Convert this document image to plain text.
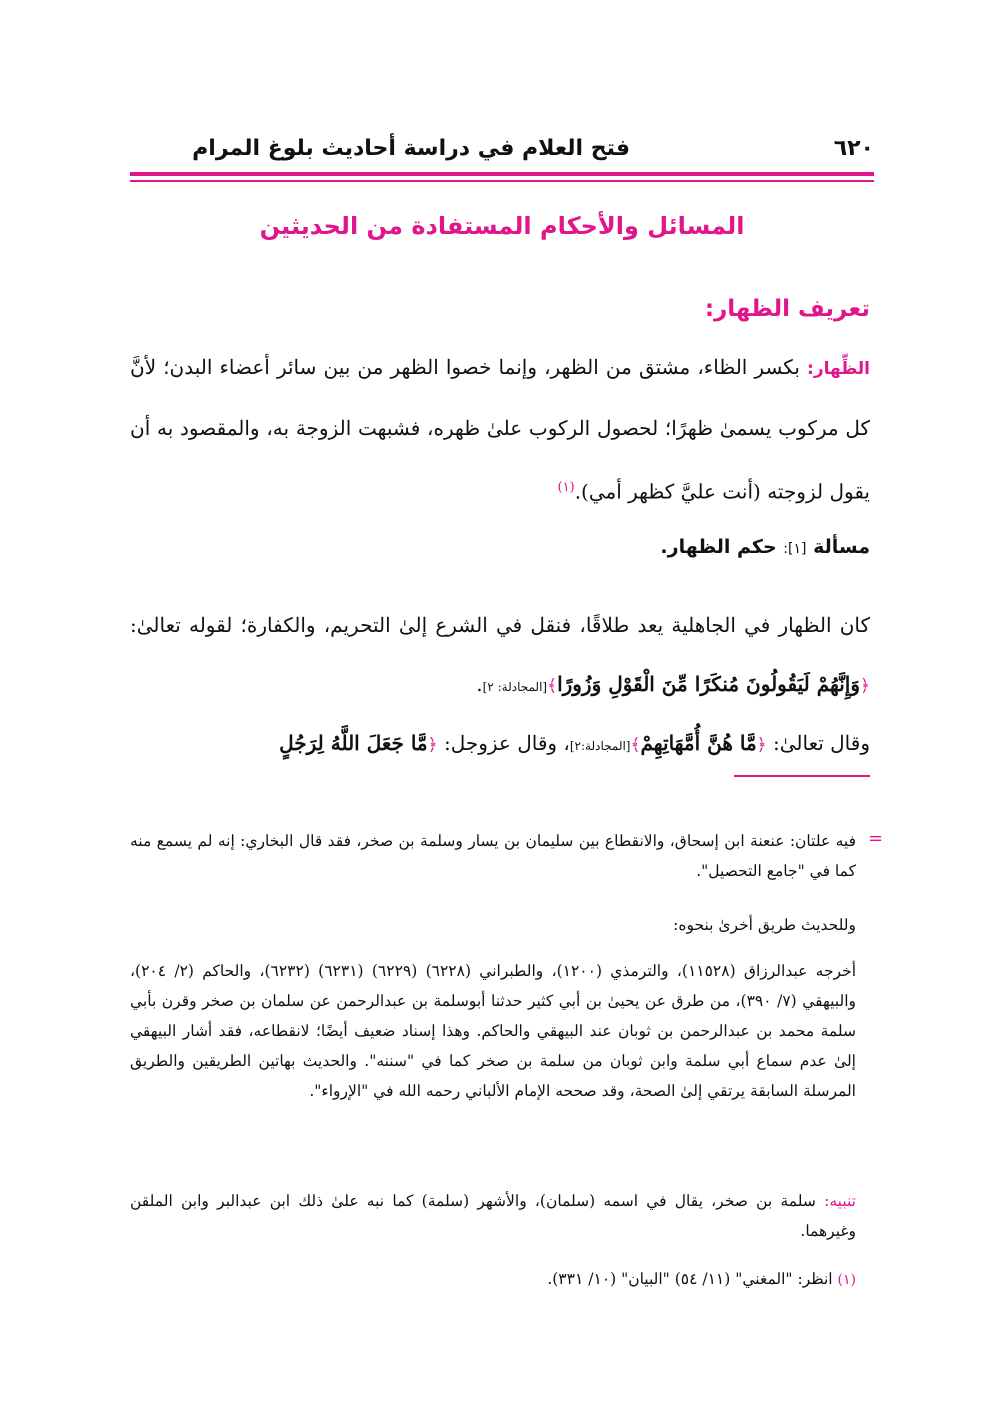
٦٢٠
فتح العلام في دراسة أحاديث بلوغ المرام
المسائل والأحكام المستفادة من الحديثين
تعريف الظهار:
الظِّهار: بكسر الظاء، مشتق من الظهر، وإنما خصوا الظهر من بين سائر أعضاء البدن؛ لأنَّ كل مركوب يسمىٰ ظهرًا؛ لحصول الركوب علىٰ ظهره، فشبهت الزوجة به، والمقصود به أن يقول لزوجته (أنت عليَّ كظهر أمي).$^{(١)}$
مسألة [١]: حكم الظهار.
كان الظهار في الجاهلية يعد طلاقًا، فنقل في الشرع إلىٰ التحريم، والكفارة؛ لقوله تعالىٰ: ﴿وَإِنَّهُمْ لَيَقُولُونَ مُنكَرًا مِّنَ الْقَوْلِ وَزُورًا﴾[المجادلة: ٢].
وقال تعالىٰ: ﴿مَّا هُنَّ أُمَّهَاتِهِمْ﴾[المجادلة:٢]، وقال عزوجل: ﴿مَّا جَعَلَ اللَّهُ لِرَجُلٍ
=
فيه علتان: عنعنة ابن إسحاق، والانقطاع بين سليمان بن يسار وسلمة بن صخر، فقد قال البخاري: إنه لم يسمع منه كما في "جامع التحصيل".
وللحديث طريق أخرىٰ بنحوه:
أخرجه عبدالرزاق (١١٥٢٨)، والترمذي (١٢٠٠)، والطبراني (٦٢٢٨) (٦٢٢٩) (٦٢٣١) (٦٢٣٢)، والحاكم (٢/ ٢٠٤)، والبيهقي (٧/ ٣٩٠)، من طرق عن يحيىٰ بن أبي كثير حدثنا أبوسلمة بن عبدالرحمن عن سلمان بن صخر وقرن بأبي سلمة محمد بن عبدالرحمن بن ثوبان عند البيهقي والحاكم. وهذا إسناد ضعيف أيضًا؛ لانقطاعه، فقد أشار البيهقي إلىٰ عدم سماع أبي سلمة وابن ثوبان من سلمة بن صخر كما في "سننه". والحديث بهاتين الطريقين والطريق المرسلة السابقة يرتقي إلىٰ الصحة، وقد صححه الإمام الألباني رحمه الله في "الإرواء".
تنبيه: سلمة بن صخر، يقال في اسمه (سلمان)، والأشهر (سلمة) كما نبه علىٰ ذلك ابن عبدالبر وابن الملقن وغيرهما.
(١) انظر: "المغني" (١١/ ٥٤) "البيان" (١٠/ ٣٣١).
